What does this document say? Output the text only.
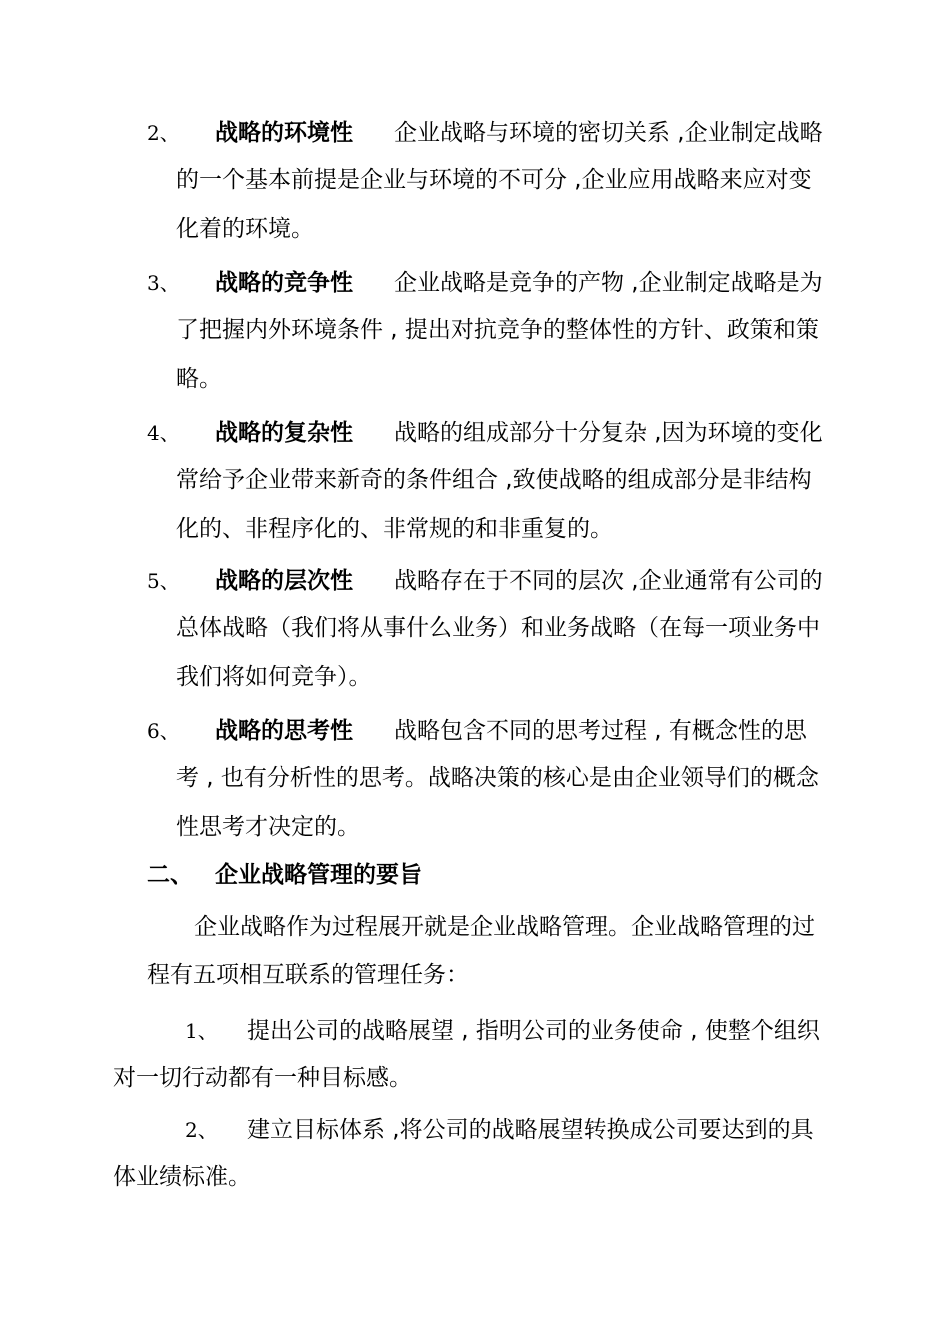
2、 战略的环境性 企业战略与环境的密切关系 ,企业制定战略
的一个基本前提是企业与环境的不可分 ,企业应用战略来应对变
化着的环境。
3、 战略的竞争性 企业战略是竞争的产物 ,企业制定战略是为
了把握内外环境条件 , 提出对抗竞争的整体性的方针、政策和策
略。
4、 战略的复杂性 战略的组成部分十分复杂 ,因为环境的变化
常给予企业带来新奇的条件组合 ,致使战略的组成部分是非结构
化的、非程序化的、非常规的和非重复的。
5、 战略的层次性 战略存在于不同的层次 ,企业通常有公司的
总体战略（我们将从事什么业务）和业务战略（在每一项业务中
我们将如何竞争）。
6、 战略的思考性 战略包含不同的思考过程 , 有概念性的思
考 , 也有分析性的思考。战略决策的核心是由企业领导们的概念
性思考才决定的。
二、 企业战略管理的要旨
企业战略作为过程展开就是企业战略管理。企业战略管理的过
程有五项相互联系的管理任务：
1、 提出公司的战略展望 , 指明公司的业务使命 , 使整个组织
对一切行动都有一种目标感。
2、 建立目标体系 ,将公司的战略展望转换成公司要达到的具
体业绩标准。
